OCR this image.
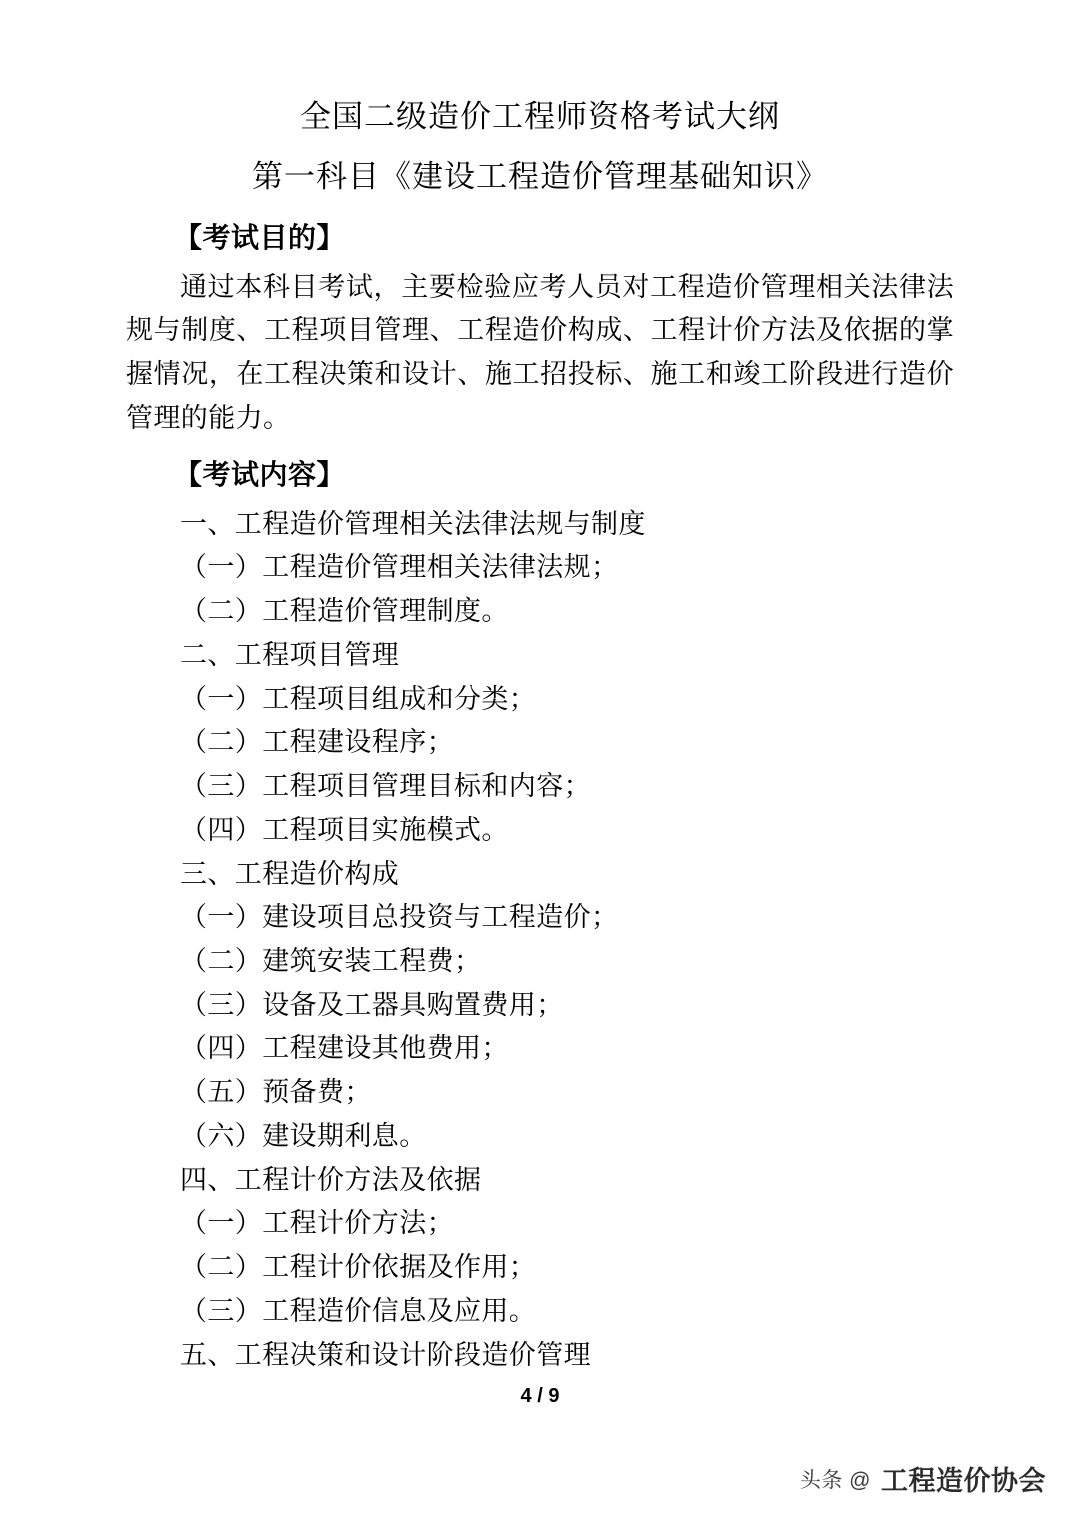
全国二级造价工程师资格考试大纲
第一科目《建设工程造价管理基础知识》
【考试目的】

通过本科目考试，主要检验应考人员对工程造价管理相关法律法规与制度、工程项目管理、工程造价构成、工程计价方法及依据的掌握情况，在工程决策和设计、施工招投标、施工和竣工阶段进行造价管理的能力。

【考试内容】
一、工程造价管理相关法律法规与制度
（一）工程造价管理相关法律法规；
（二）工程造价管理制度。
二、工程项目管理
（一）工程项目组成和分类；
（二）工程建设程序；
（三）工程项目管理目标和内容；
（四）工程项目实施模式。
三、工程造价构成
（一）建设项目总投资与工程造价；
（二）建筑安装工程费；
（三）设备及工器具购置费用；
（四）工程建设其他费用；
（五）预备费；
（六）建设期利息。
四、工程计价方法及依据
（一）工程计价方法；
（二）工程计价依据及作用；
（三）工程造价信息及应用。
五、工程决策和设计阶段造价管理
4 / 9
头条 @ 工程造价协会
